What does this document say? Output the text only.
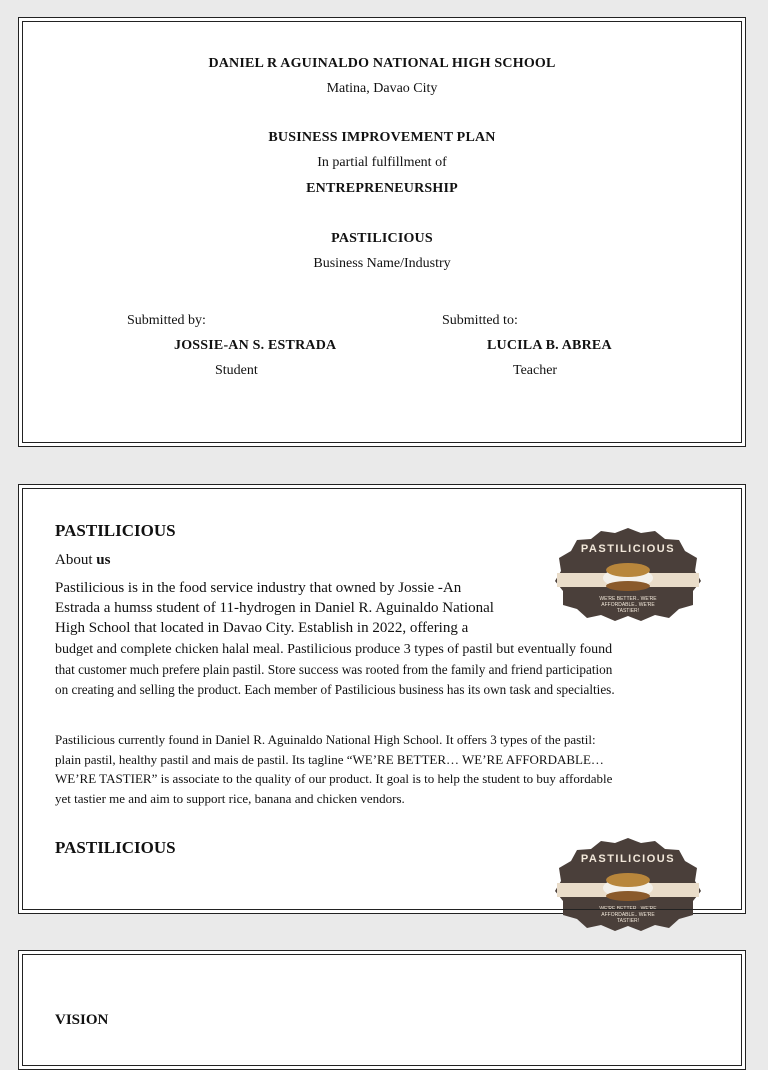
DANIEL R AGUINALDO NATIONAL HIGH SCHOOL
Matina, Davao City
BUSINESS IMPROVEMENT PLAN
In partial fulfillment of
ENTREPRENEURSHIP
PASTILICIOUS
Business Name/Industry
Submitted by:
JOSSIE-AN S. ESTRADA
Student
Submitted to:
LUCILA B. ABREA
Teacher
PASTILICIOUS
About us
Pastilicious is in the food service industry that owned by Jossie -An
Estrada a humss student of 11-hydrogen in Daniel R. Aguinaldo National
High School that located in Davao City. Establish in 2022, offering a
budget and complete chicken halal meal. Pastilicious produce 3 types of pastil but eventually found
that customer much prefere plain pastil. Store success was rooted from the family and friend participation
on creating and selling the product. Each member of Pastilicious business has its own task and specialties.
Pastilicious currently found in Daniel R. Aguinaldo National High School. It offers 3 types of the pastil:
plain pastil, healthy pastil and mais de pastil. Its tagline “WE’RE BETTER… WE’RE AFFORDABLE…
WE’RE TASTIER” is associate to the quality of our product. It goal is to help the student to buy affordable
yet tastier me and aim to support rice, banana and chicken vendors.
PASTILICIOUS
PASTILICIOUS
WE'RE BETTER.. WE'RE
AFFORDABLE.. WE'RE
TASTIER!
PASTILICIOUS
WE'RE BETTER.. WE'RE
AFFORDABLE.. WE'RE
TASTIER!
VISION
